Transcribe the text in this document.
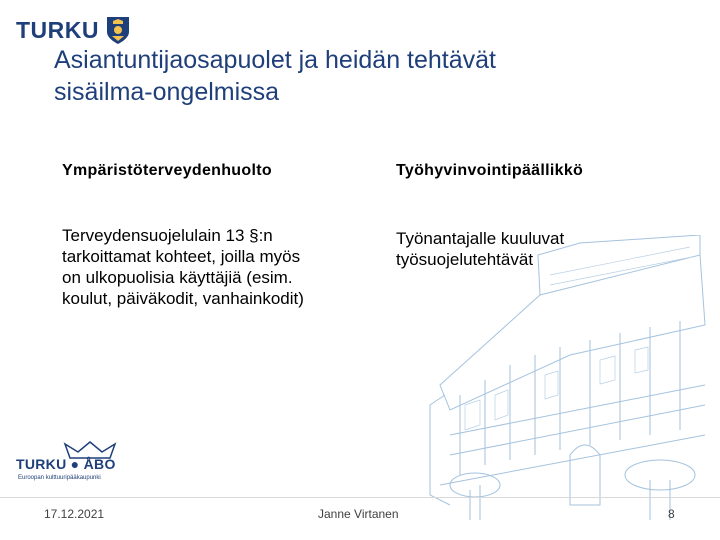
TURKU
Asiantuntijaosapuolet ja heidän tehtävät
sisäilma-ongelmissa
Ympäristöterveydenhuolto	Työhyvinvointipäällikkö
Terveydensuojelulain 13 §:n tarkoittamat kohteet, joilla myös on ulkopuolisia käyttäjiä (esim. koulut, päiväkodit, vanhainkodit)
Työnantajalle kuuluvat työsuojelutehtävät
TURKU ● ÅBO
Euroopan kulttuuripääkaupunki
17.12.2021	Janne Virtanen	8
